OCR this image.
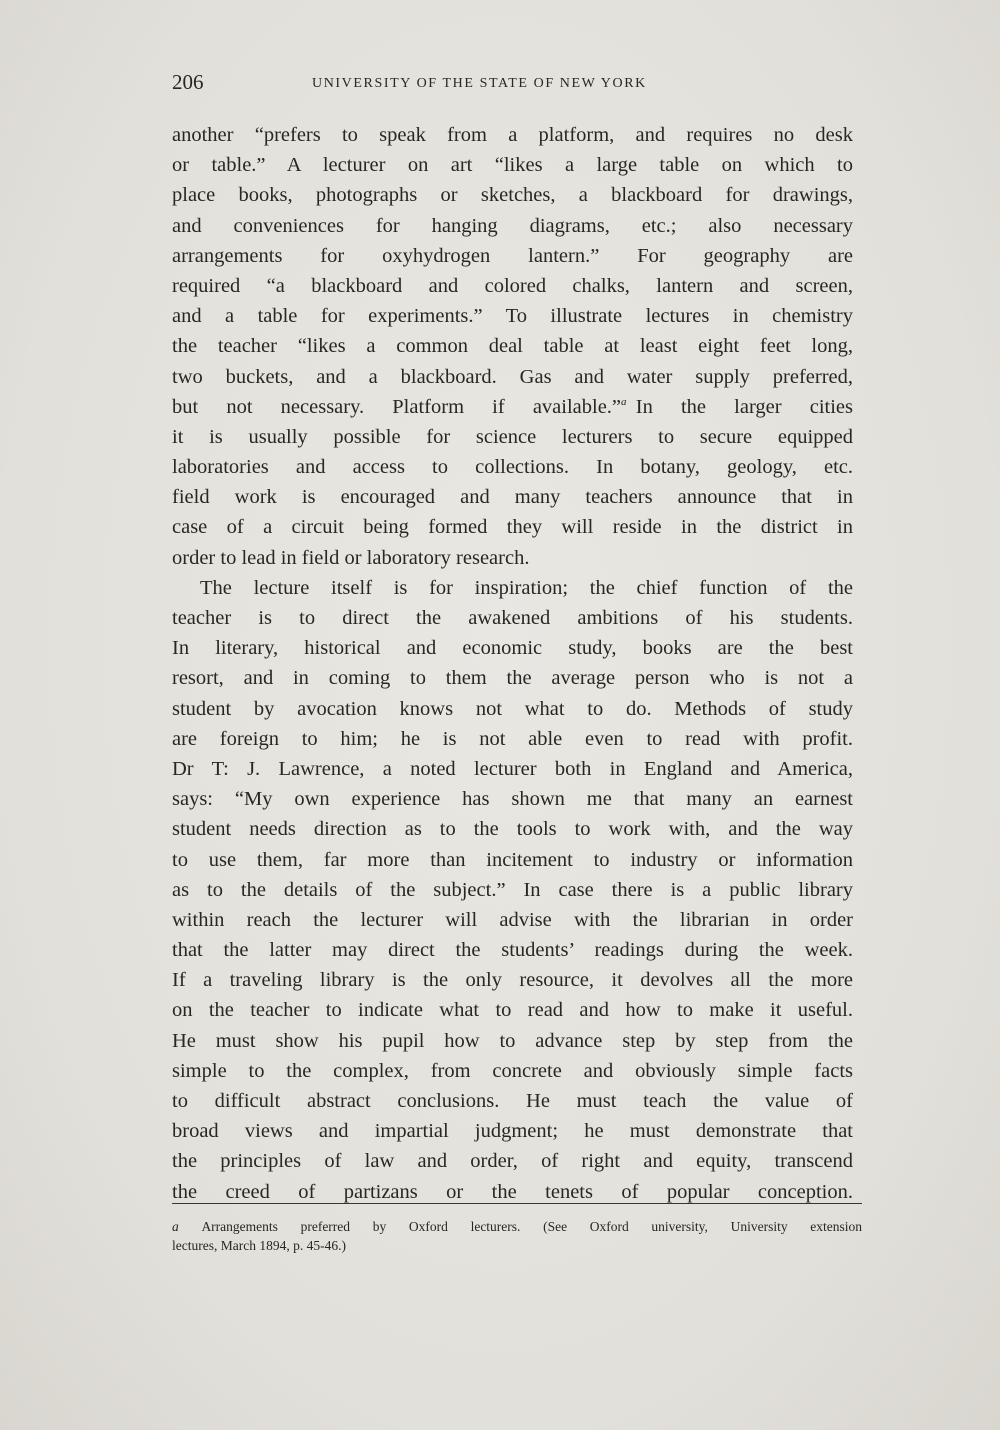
206	UNIVERSITY OF THE STATE OF NEW YORK
another “prefers to speak from a platform, and requires no desk
or table.” A lecturer on art “likes a large table on which to
place books, photographs or sketches, a blackboard for drawings,
and conveniences for hanging diagrams, etc.; also necessary
arrangements for oxyhydrogen lantern.” For geography are
required “a blackboard and colored chalks, lantern and screen,
and a table for experiments.” To illustrate lectures in chemistry
the teacher “likes a common deal table at least eight feet long,
two buckets, and a blackboard. Gas and water supply preferred,
but not necessary. Platform if available.”$^a$ In the larger cities
it is usually possible for science lecturers to secure equipped
laboratories and access to collections. In botany, geology, etc.
field work is encouraged and many teachers announce that in
case of a circuit being formed they will reside in the district in
order to lead in field or laboratory research.
The lecture itself is for inspiration; the chief function of the
teacher is to direct the awakened ambitions of his students.
In literary, historical and economic study, books are the best
resort, and in coming to them the average person who is not a
student by avocation knows not what to do. Methods of study
are foreign to him; he is not able even to read with profit.
Dr T: J. Lawrence, a noted lecturer both in England and America,
says: “My own experience has shown me that many an earnest
student needs direction as to the tools to work with, and the way
to use them, far more than incitement to industry or information
as to the details of the subject.” In case there is a public library
within reach the lecturer will advise with the librarian in order
that the latter may direct the students’ readings during the week.
If a traveling library is the only resource, it devolves all the more
on the teacher to indicate what to read and how to make it useful.
He must show his pupil how to advance step by step from the
simple to the complex, from concrete and obviously simple facts
to difficult abstract conclusions. He must teach the value of
broad views and impartial judgment; he must demonstrate that
the principles of law and order, of right and equity, transcend
the creed of partizans or the tenets of popular conception.
a Arrangements preferred by Oxford lecturers. (See Oxford university, University extension
lectures, March 1894, p. 45-46.)
